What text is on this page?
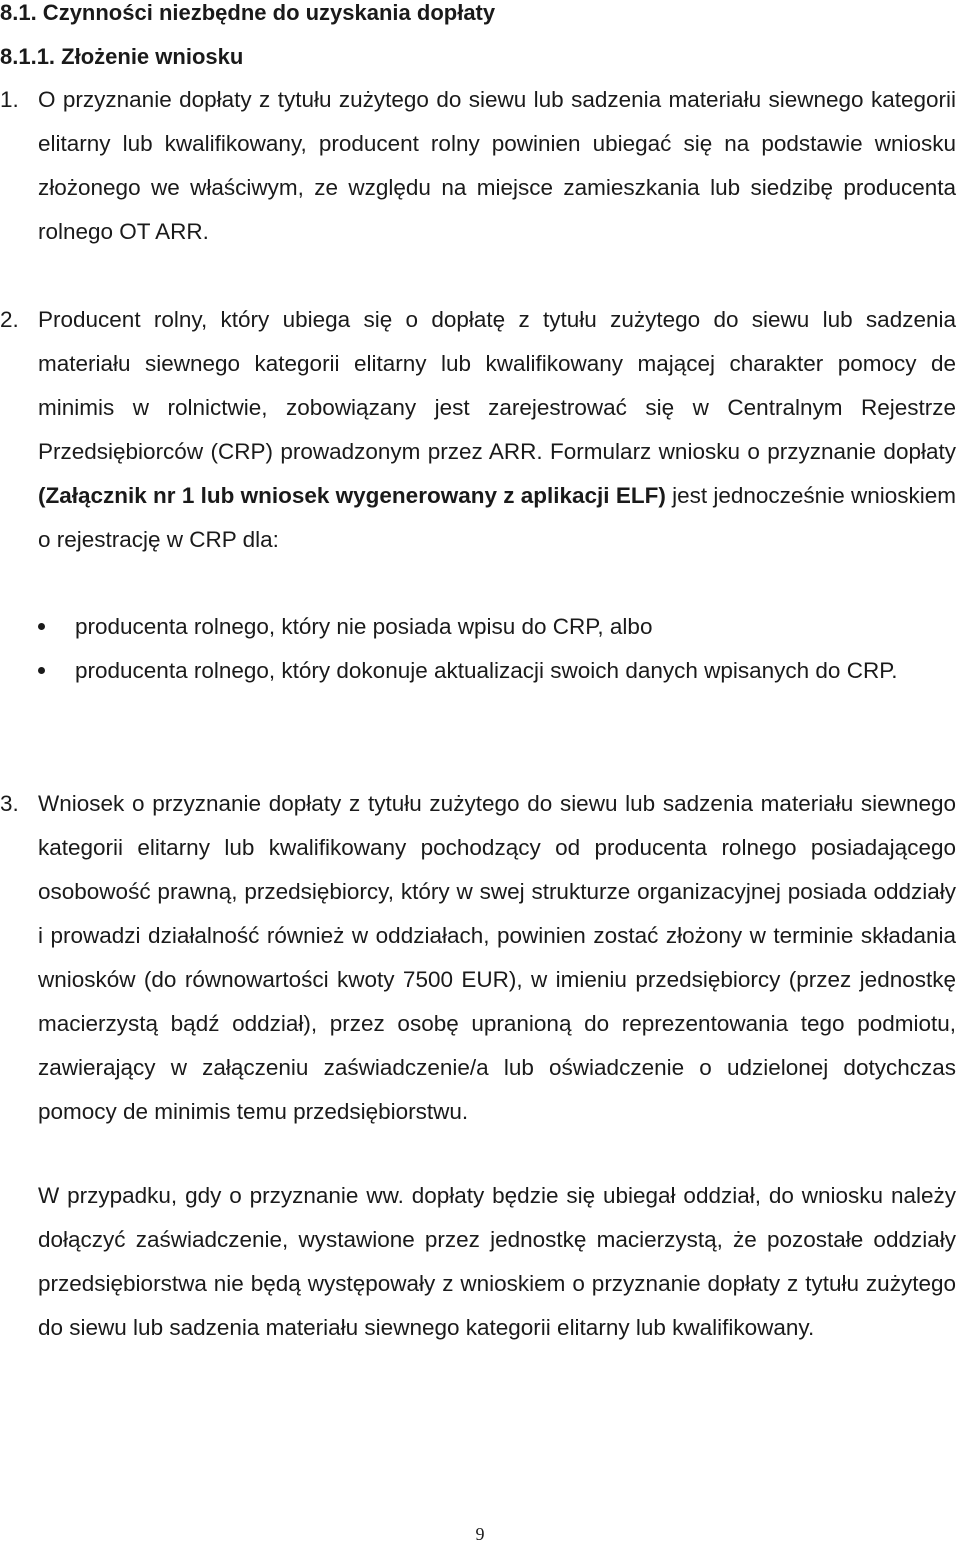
8.1. Czynności niezbędne do uzyskania dopłaty
8.1.1. Złożenie wniosku
1. O przyznanie dopłaty z tytułu zużytego do siewu lub sadzenia materiału siewnego kategorii elitarny lub kwalifikowany, producent rolny powinien ubiegać się na podstawie wniosku złożonego we właściwym, ze względu na miejsce zamieszkania lub siedzibę producenta rolnego OT ARR.
2. Producent rolny, który ubiega się o dopłatę z tytułu zużytego do siewu lub sadzenia materiału siewnego kategorii elitarny lub kwalifikowany mającej charakter pomocy de minimis w rolnictwie, zobowiązany jest zarejestrować się w Centralnym Rejestrze Przedsiębiorców (CRP) prowadzonym przez ARR. Formularz wniosku o przyznanie dopłaty (Załącznik nr 1 lub wniosek wygenerowany z aplikacji ELF) jest jednocześnie wnioskiem o rejestrację w CRP dla:
producenta rolnego, który nie posiada wpisu do CRP, albo
producenta rolnego, który dokonuje aktualizacji swoich danych wpisanych do CRP.
3. Wniosek o przyznanie dopłaty z tytułu zużytego do siewu lub sadzenia materiału siewnego kategorii elitarny lub kwalifikowany pochodzący od producenta rolnego posiadającego osobowość prawną, przedsiębiorcy, który w swej strukturze organizacyjnej posiada oddziały i prowadzi działalność również w oddziałach, powinien zostać złożony w terminie składania wniosków (do równowartości kwoty 7500 EUR), w imieniu przedsiębiorcy (przez jednostkę macierzystą bądź oddział), przez osobę upranioną do reprezentowania tego podmiotu, zawierający w załączeniu zaświadczenie/a lub oświadczenie o udzielonej dotychczas pomocy de minimis temu przedsiębiorstwu.
W przypadku, gdy o przyznanie ww. dopłaty będzie się ubiegał oddział, do wniosku należy dołączyć zaświadczenie, wystawione przez jednostkę macierzystą, że pozostałe oddziały przedsiębiorstwa nie będą występowały z wnioskiem o przyznanie dopłaty z tytułu zużytego do siewu lub sadzenia materiału siewnego kategorii elitarny lub kwalifikowany.
9
